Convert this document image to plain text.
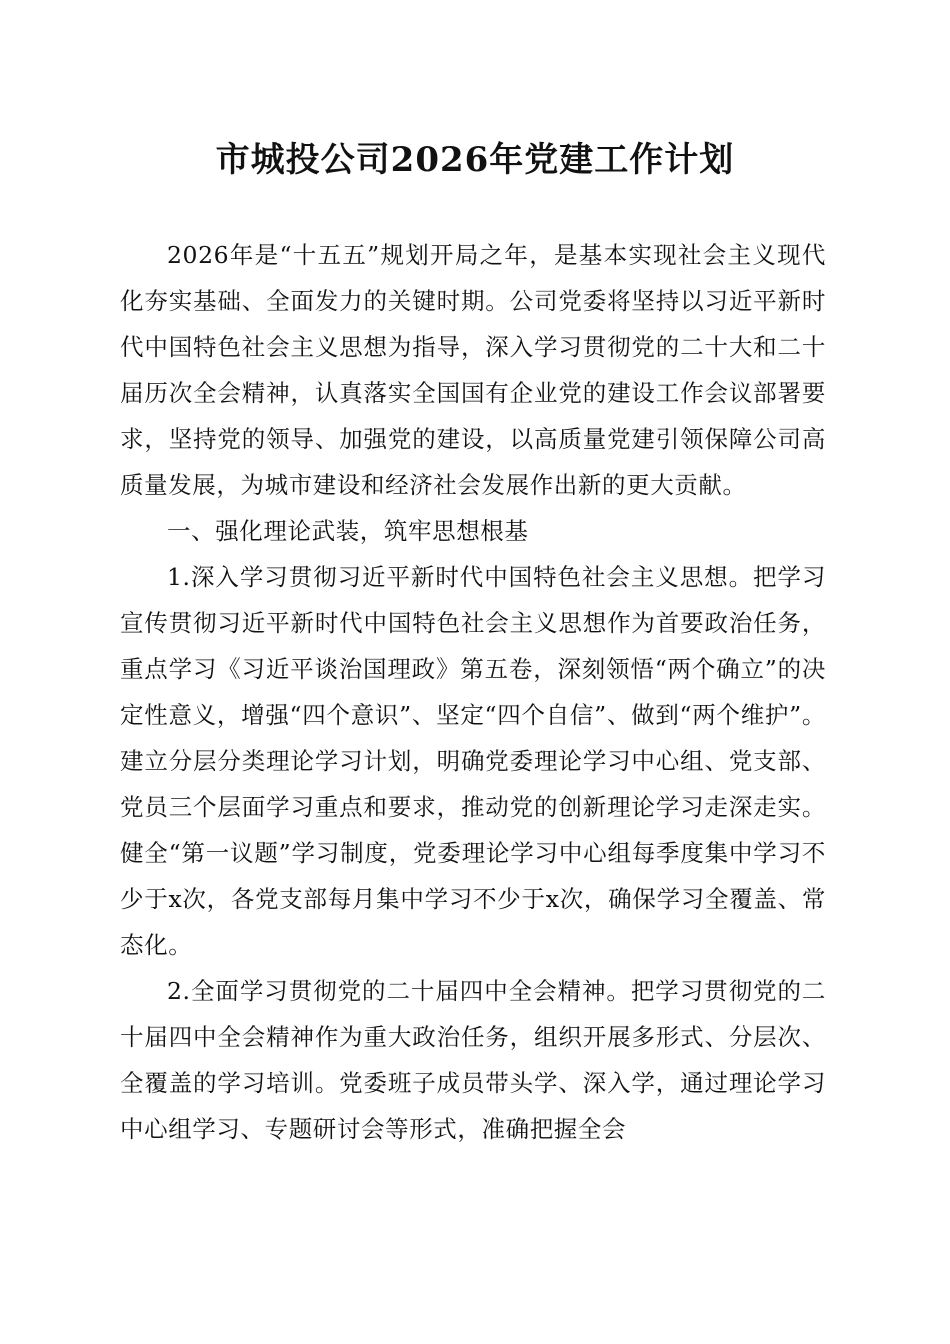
市城投公司2026年党建工作计划

2026年是“十五五”规划开局之年，是基本实现社会主义现代化夯实基础、全面发力的关键时期。公司党委将坚持以习近平新时代中国特色社会主义思想为指导，深入学习贯彻党的二十大和二十届历次全会精神，认真落实全国国有企业党的建设工作会议部署要求，坚持党的领导、加强党的建设，以高质量党建引领保障公司高质量发展，为城市建设和经济社会发展作出新的更大贡献。

一、强化理论武装，筑牢思想根基

1.深入学习贯彻习近平新时代中国特色社会主义思想。把学习宣传贯彻习近平新时代中国特色社会主义思想作为首要政治任务，重点学习《习近平谈治国理政》第五卷，深刻领悟“两个确立”的决定性意义，增强“四个意识”、坚定“四个自信”、做到“两个维护”。建立分层分类理论学习计划，明确党委理论学习中心组、党支部、党员三个层面学习重点和要求，推动党的创新理论学习走深走实。健全“第一议题”学习制度，党委理论学习中心组每季度集中学习不少于x次，各党支部每月集中学习不少于x次，确保学习全覆盖、常态化。

2.全面学习贯彻党的二十届四中全会精神。把学习贯彻党的二十届四中全会精神作为重大政治任务，组织开展多形式、分层次、全覆盖的学习培训。党委班子成员带头学、深入学，通过理论学习中心组学习、专题研讨会等形式，准确把握全会
